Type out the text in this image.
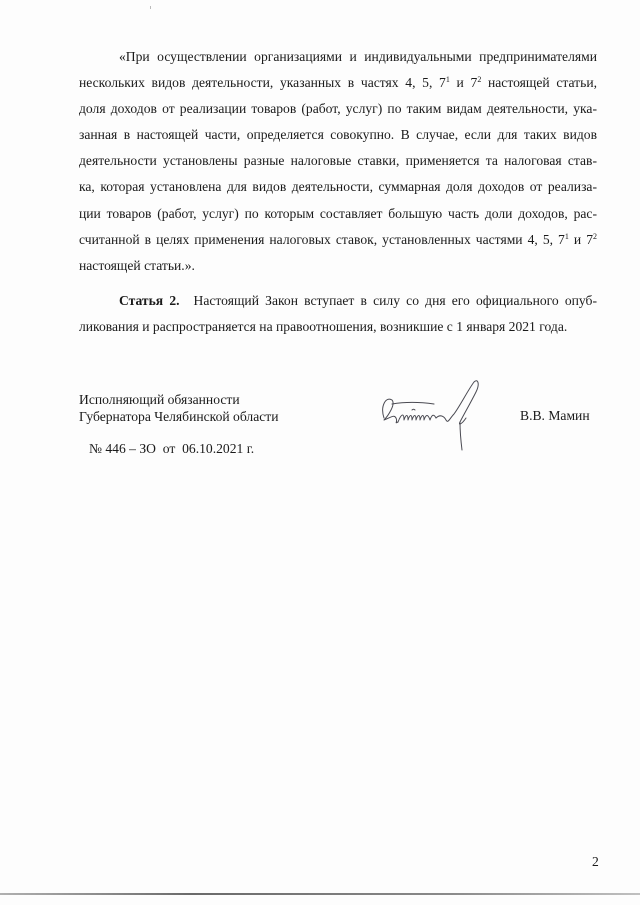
«При осуществлении организациями и индивидуальными предпринимателями
нескольких видов деятельности, указанных в частях 4, 5, $7^1$ и $7^2$ настоящей статьи,
доля доходов от реализации товаров (работ, услуг) по таким видам деятельности, ука-
занная в настоящей части, определяется совокупно. В случае, если для таких видов
деятельности установлены разные налоговые ставки, применяется та налоговая став-
ка, которая установлена для видов деятельности, суммарная доля доходов от реализа-
ции товаров (работ, услуг) по которым составляет большую часть доли доходов, рас-
считанной в целях применения налоговых ставок, установленных частями 4, 5, $7^1$ и $7^2$
настоящей статьи.».
Статья 2. Настоящий Закон вступает в силу со дня его официального опуб-
ликования и распространяется на правоотношения, возникшие с 1 января 2021 года.
Исполняющий обязанности
Губернатора Челябинской области	В.В. Мамин
№ 446 – ЗО  от  06.10.2021 г.
2
